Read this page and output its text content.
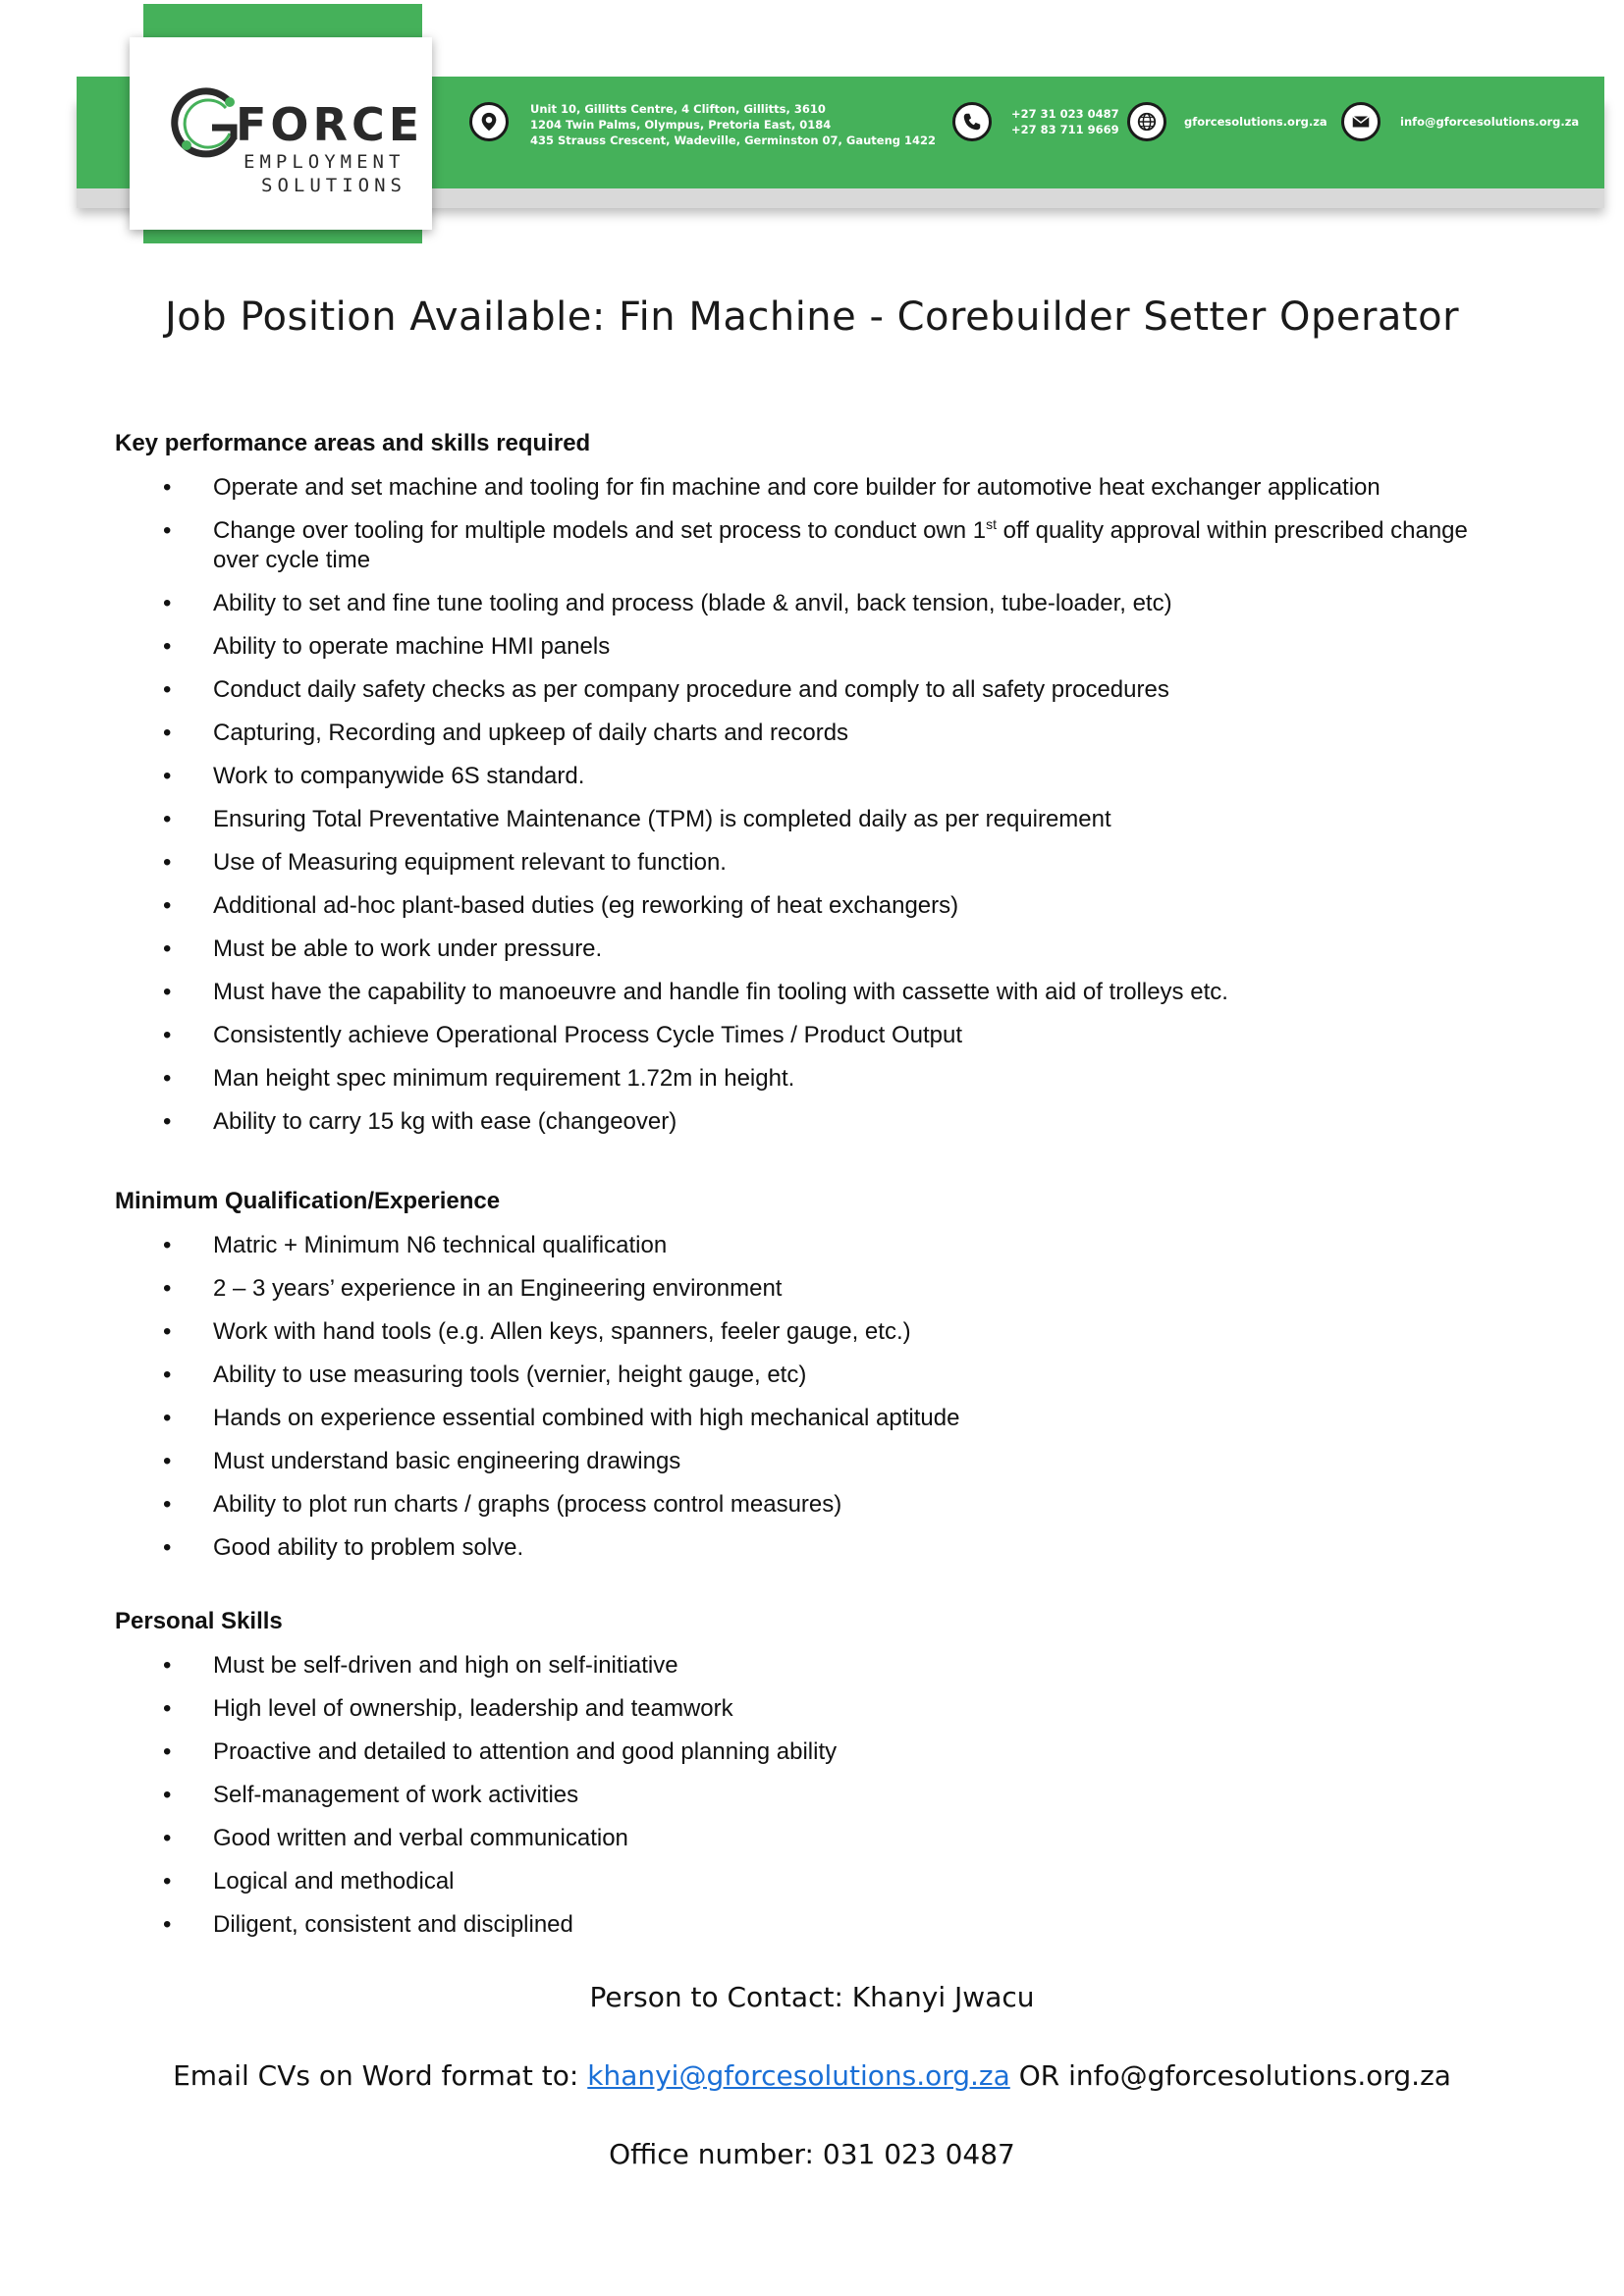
FORCE
EMPLOYMENT
SOLUTIONS
Unit 10, Gillitts Centre, 4 Clifton, Gillitts, 3610
1204 Twin Palms, Olympus, Pretoria East, 0184
435 Strauss Crescent, Wadeville, Germinston 07, Gauteng 1422
+27 31 023 0487
+27 83 711 9669
gforcesolutions.org.za	info@gforcesolutions.org.za
Job Position Available: Fin Machine - Corebuilder Setter Operator
Key performance areas and skills required
• Operate and set machine and tooling for fin machine and core builder for automotive heat exchanger application
• Change over tooling for multiple models and set process to conduct own 1st off quality approval within prescribed change over cycle time
• Ability to set and fine tune tooling and process (blade & anvil, back tension, tube-loader, etc)
• Ability to operate machine HMI panels
• Conduct daily safety checks as per company procedure and comply to all safety procedures
• Capturing, Recording and upkeep of daily charts and records
• Work to companywide 6S standard.
• Ensuring Total Preventative Maintenance (TPM) is completed daily as per requirement
• Use of Measuring equipment relevant to function.
• Additional ad-hoc plant-based duties (eg reworking of heat exchangers)
• Must be able to work under pressure.
• Must have the capability to manoeuvre and handle fin tooling with cassette with aid of trolleys etc.
• Consistently achieve Operational Process Cycle Times / Product Output
• Man height spec minimum requirement 1.72m in height.
• Ability to carry 15 kg with ease (changeover)
Minimum Qualification/Experience
• Matric + Minimum N6 technical qualification
• 2 – 3 years’ experience in an Engineering environment
• Work with hand tools (e.g. Allen keys, spanners, feeler gauge, etc.)
• Ability to use measuring tools (vernier, height gauge, etc)
• Hands on experience essential combined with high mechanical aptitude
• Must understand basic engineering drawings
• Ability to plot run charts / graphs (process control measures)
• Good ability to problem solve.
Personal Skills
• Must be self-driven and high on self-initiative
• High level of ownership, leadership and teamwork
• Proactive and detailed to attention and good planning ability
• Self-management of work activities
• Good written and verbal communication
• Logical and methodical
• Diligent, consistent and disciplined
Person to Contact: Khanyi Jwacu
Email CVs on Word format to: khanyi@gforcesolutions.org.za OR info@gforcesolutions.org.za
Office number: 031 023 0487
